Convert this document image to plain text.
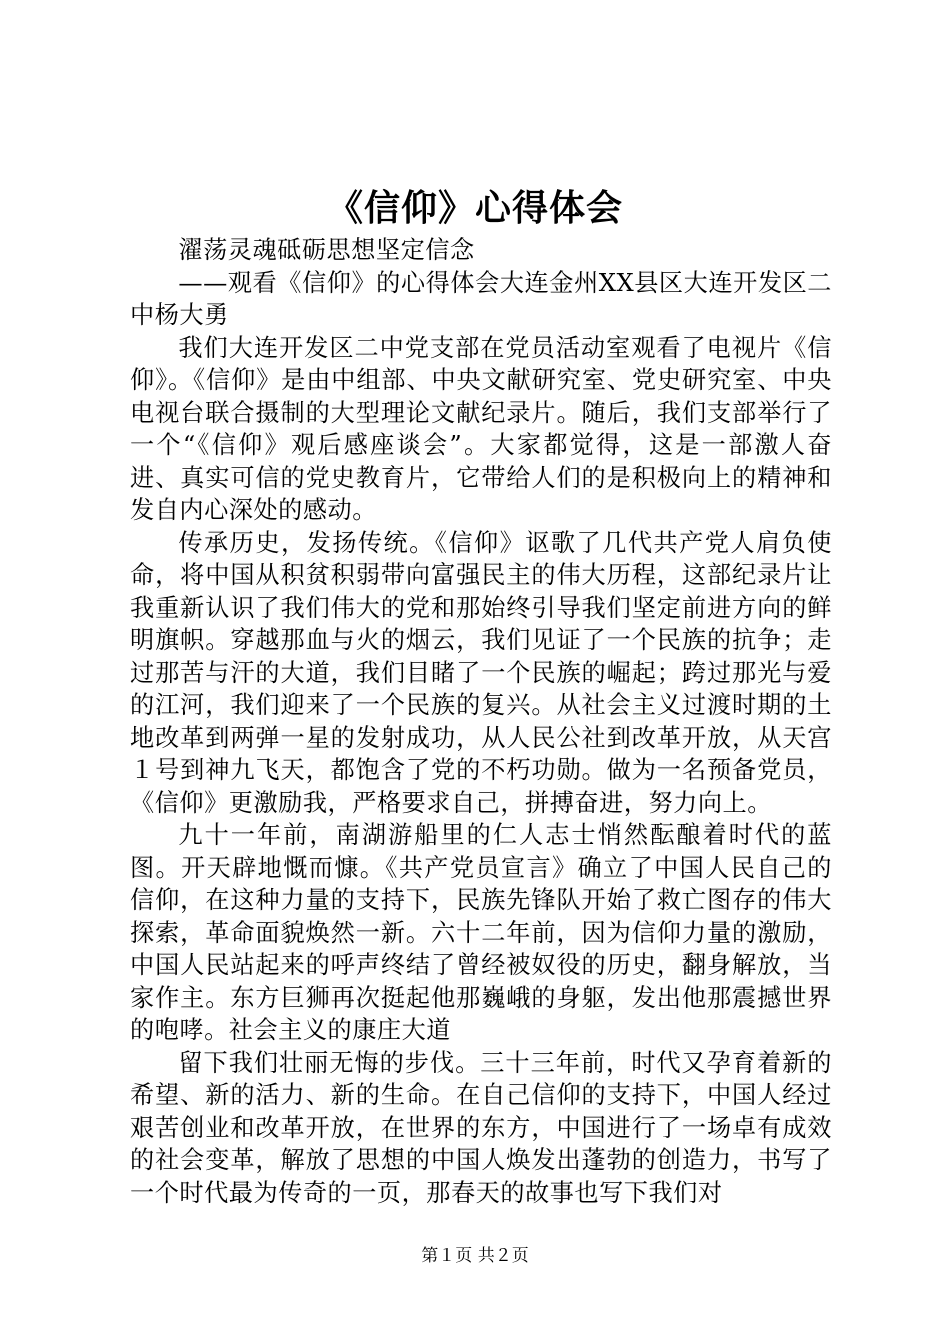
《信仰》心得体会

濯荡灵魂砥砺思想坚定信念

——观看《信仰》的心得体会大连金州XX县区大连开发区二中杨大勇

我们大连开发区二中党支部在党员活动室观看了电视片《信仰》。《信仰》是由中组部、中央文献研究室、党史研究室、中央电视台联合摄制的大型理论文献纪录片。随后，我们支部举行了一个“《信仰》观后感座谈会”。大家都觉得，这是一部激人奋进、真实可信的党史教育片，它带给人们的是积极向上的精神和发自内心深处的感动。

传承历史，发扬传统。《信仰》讴歌了几代共产党人肩负使命，将中国从积贫积弱带向富强民主的伟大历程，这部纪录片让我重新认识了我们伟大的党和那始终引导我们坚定前进方向的鲜明旗帜。穿越那血与火的烟云，我们见证了一个民族的抗争；走过那苦与汗的大道，我们目睹了一个民族的崛起；跨过那光与爱的江河，我们迎来了一个民族的复兴。从社会主义过渡时期的土地改革到两弹一星的发射成功，从人民公社到改革开放，从天宫１号到神九飞天，都饱含了党的不朽功勋。做为一名预备党员，《信仰》更激励我，严格要求自己，拼搏奋进，努力向上。

九十一年前，南湖游船里的仁人志士悄然酝酿着时代的蓝图。开天辟地慨而慷。《共产党员宣言》确立了中国人民自己的信仰，在这种力量的支持下，民族先锋队开始了救亡图存的伟大探索，革命面貌焕然一新。六十二年前，因为信仰力量的激励，中国人民站起来的呼声终结了曾经被奴役的历史，翻身解放，当家作主。东方巨狮再次挺起他那巍峨的身躯，发出他那震撼世界的咆哮。社会主义的康庄大道

留下我们壮丽无悔的步伐。三十三年前，时代又孕育着新的希望、新的活力、新的生命。在自己信仰的支持下，中国人经过艰苦创业和改革开放，在世界的东方，中国进行了一场卓有成效的社会变革，解放了思想的中国人焕发出蓬勃的创造力，书写了一个时代最为传奇的一页，那春天的故事也写下我们对

第１页 共２页
